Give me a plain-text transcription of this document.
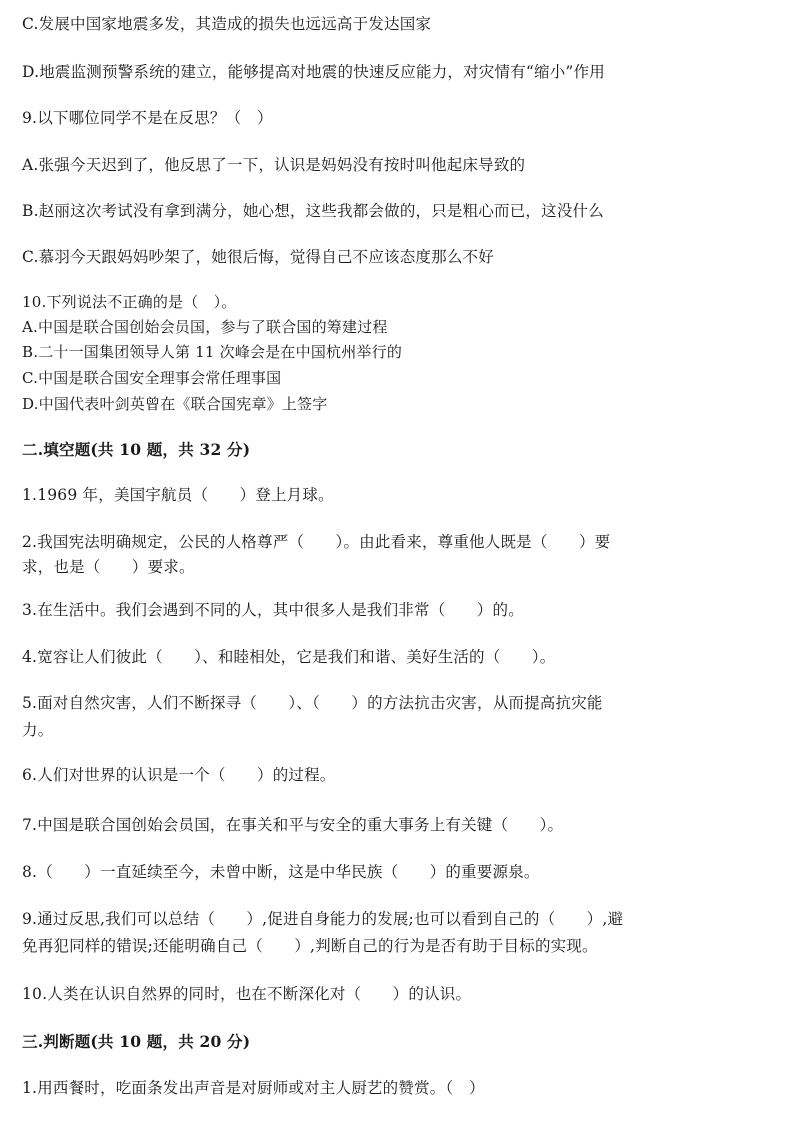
C.发展中国家地震多发，其造成的损失也远远高于发达国家
D.地震监测预警系统的建立，能够提高对地震的快速反应能力，对灾情有“缩小”作用
9.以下哪位同学不是在反思？（　）
A.张强今天迟到了，他反思了一下，认识是妈妈没有按时叫他起床导致的
B.赵丽这次考试没有拿到满分，她心想，这些我都会做的，只是粗心而已，这没什么
C.慕羽今天跟妈妈吵架了，她很后悔，觉得自己不应该态度那么不好
10.下列说法不正确的是（　）。
A.中国是联合国创始会员国，参与了联合国的筹建过程
B.二十一国集团领导人第 11 次峰会是在中国杭州举行的
C.中国是联合国安全理事会常任理事国
D.中国代表叶剑英曾在《联合国宪章》上签字
二.填空题(共 10 题，共 32 分)
1.1969 年，美国宇航员（　　）登上月球。
2.我国宪法明确规定，公民的人格尊严（　　）。由此看来，尊重他人既是（　　）要
求，也是（　　）要求。
3.在生活中。我们会遇到不同的人，其中很多人是我们非常（　　）的。
4.宽容让人们彼此（　　）、和睦相处，它是我们和谐、美好生活的（　　）。
5.面对自然灾害，人们不断探寻（　　）、（　　）的方法抗击灾害，从而提高抗灾能
力。
6.人们对世界的认识是一个（　　）的过程。
7.中国是联合国创始会员国，在事关和平与安全的重大事务上有关键（　　）。
8.（　　）一直延续至今，未曾中断，这是中华民族（　　）的重要源泉。
9.通过反思,我们可以总结（　　）,促进自身能力的发展;也可以看到自己的（　　）,避
免再犯同样的错误;还能明确自己（　　）,判断自己的行为是否有助于目标的实现。
10.人类在认识自然界的同时，也在不断深化对（　　）的认识。
三.判断题(共 10 题，共 20 分)
1.用西餐时，吃面条发出声音是对厨师或对主人厨艺的赞赏。（　）
